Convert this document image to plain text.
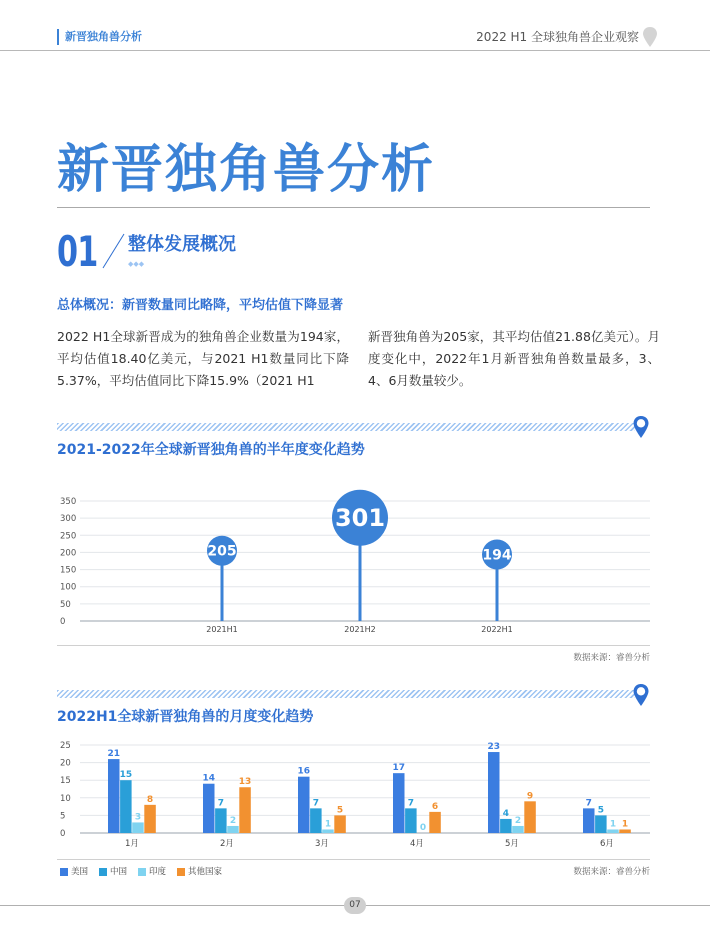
新晋独角兽分析	2022 H1 全球独角兽企业观察
新晋独角兽分析
01 整体发展概况
◆◆◆
总体概况：新晋数量同比略降，平均估值下降显著
2022 H1全球新晋成为的独角兽企业数量为194家，平均估值18.40亿美元，与2021 H1数量同比下降5.37%，平均估值同比下降15.9%（2021 H1
新晋独角兽为205家，其平均估值21.88亿美元）。月度变化中，2022年1月新晋独角兽数量最多，3、4、6月数量较少。
2021-2022年全球新晋独角兽的半年度变化趋势
0
50
100
150
200
250
300
350
205
2021H1
301
2021H2
194
2022H1
数据来源：睿兽分析
2022H1全球新晋独角兽的月度变化趋势
0
5
10
15
20
25
21
15
3
8
1月
14
7
2
13
2月
16
7
1
5
3月
17
7
0
6
4月
23
4
2
9
5月
7
5
1 1
6月
美国	中国	印度	其他国家	数据来源：睿兽分析
07
